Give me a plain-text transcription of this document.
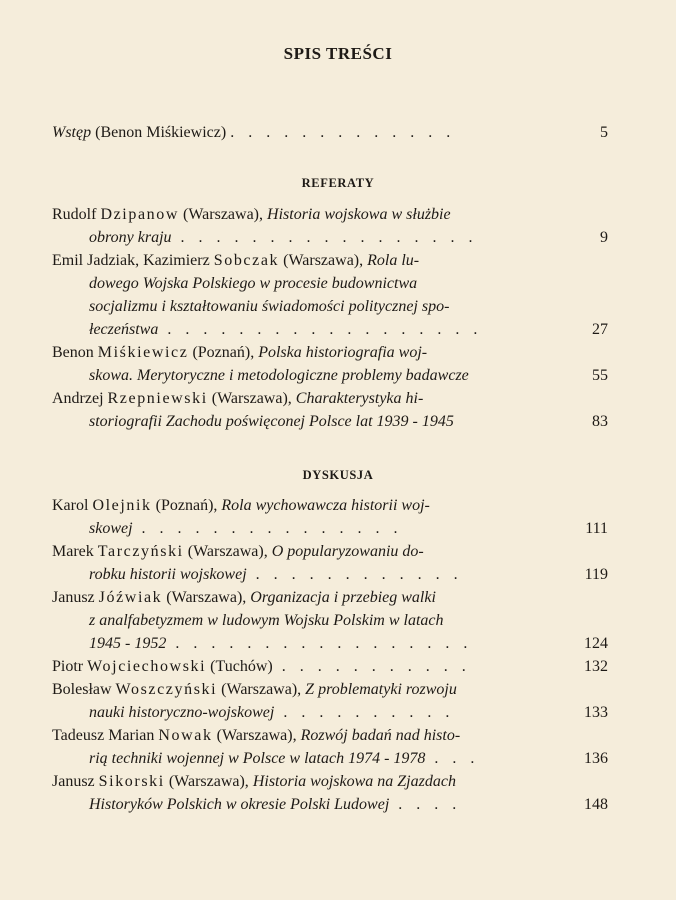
SPIS TREŚCI
Wstęp (Benon Miśkiewicz) . . . . . . . . . . . . .	5
REFERATY
Rudolf Dzipanow (Warszawa), Historia wojskowa w służbie
obrony kraju . . . . . . . . . . . . . . . . .	9
Emil Jadziak, Kazimierz Sobczak (Warszawa), Rola lu-
dowego Wojska Polskiego w procesie budownictwa
socjalizmu i kształtowaniu świadomości politycznej spo-
łeczeństwa . . . . . . . . . . . . . . . . . .	27
Benon Miśkiewicz (Poznań), Polska historiografia woj-
skowa. Merytoryczne i metodologiczne problemy badawcze	55
Andrzej Rzepniewski (Warszawa), Charakterystyka hi-
storiografii Zachodu poświęconej Polsce lat 1939 - 1945	83
DYSKUSJA
Karol Olejnik (Poznań), Rola wychowawcza historii woj-
skowej . . . . . . . . . . . . . . .	111
Marek Tarczyński (Warszawa), O popularyzowaniu do-
robku historii wojskowej . . . . . . . . . . . .	119
Janusz Jóźwiak (Warszawa), Organizacja i przebieg walki
z analfabetyzmem w ludowym Wojsku Polskim w latach
1945 - 1952 . . . . . . . . . . . . . . . . .	124
Piotr Wojciechowski (Tuchów) . . . . . . . . . . .	132
Bolesław Woszczyński (Warszawa), Z problematyki rozwoju
nauki historyczno-wojskowej . . . . . . . . . .	133
Tadeusz Marian Nowak (Warszawa), Rozwój badań nad histo-
rią techniki wojennej w Polsce w latach 1974 - 1978 . . .	136
Janusz Sikorski (Warszawa), Historia wojskowa na Zjazdach
Historyków Polskich w okresie Polski Ludowej . . . .	148
